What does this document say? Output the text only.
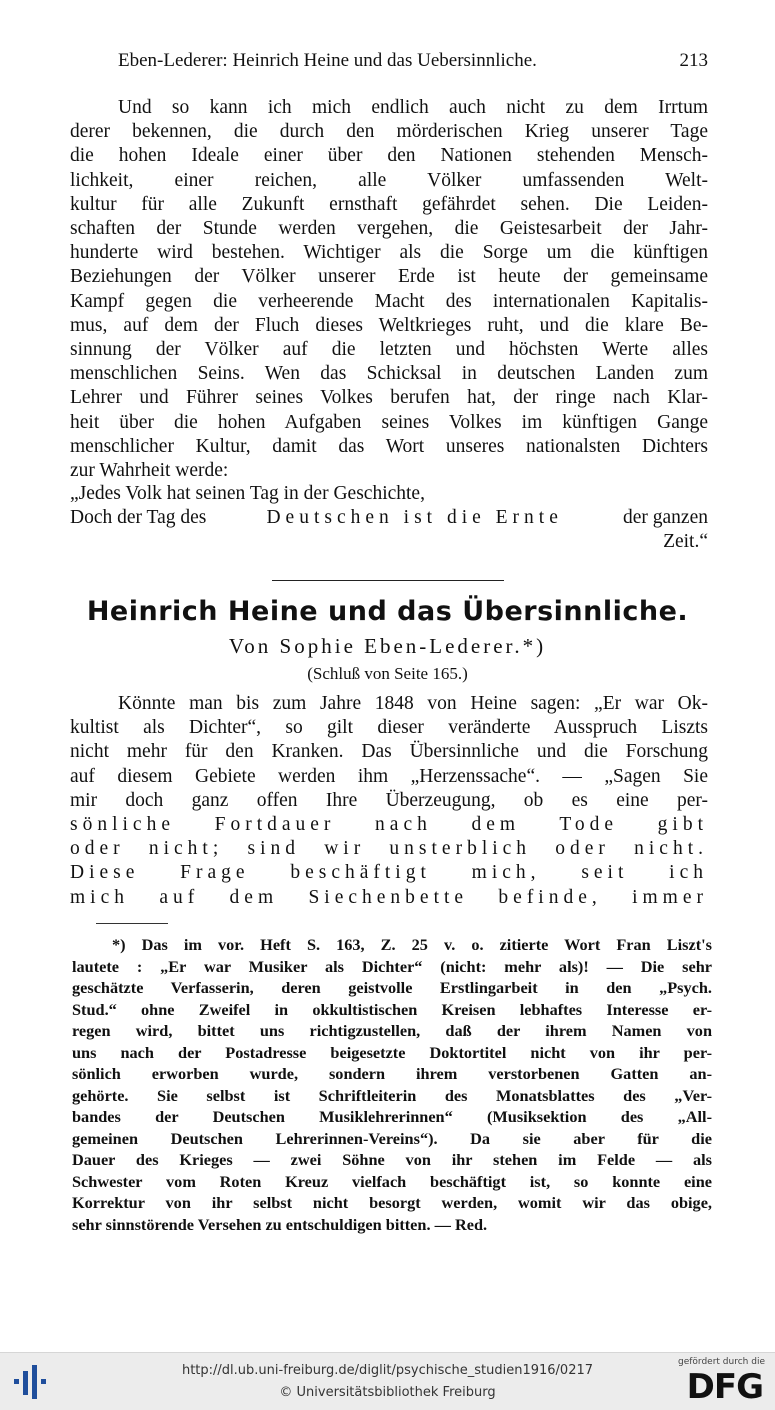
Eben-Lederer: Heinrich Heine und das Uebersinnliche.	213
Und so kann ich mich endlich auch nicht zu dem Irrtum
derer bekennen, die durch den mörderischen Krieg unserer Tage
die hohen Ideale einer über den Nationen stehenden Mensch-
lichkeit, einer reichen, alle Völker umfassenden Welt-
kultur für alle Zukunft ernsthaft gefährdet sehen. Die Leiden-
schaften der Stunde werden vergehen, die Geistesarbeit der Jahr-
hunderte wird bestehen. Wichtiger als die Sorge um die künftigen
Beziehungen der Völker unserer Erde ist heute der gemeinsame
Kampf gegen die verheerende Macht des internationalen Kapitalis-
mus, auf dem der Fluch dieses Weltkrieges ruht, und die klare Be-
sinnung der Völker auf die letzten und höchsten Werte alles
menschlichen Seins. Wen das Schicksal in deutschen Landen zum
Lehrer und Führer seines Volkes berufen hat, der ringe nach Klar-
heit über die hohen Aufgaben seines Volkes im künftigen Gange
menschlicher Kultur, damit das Wort unseres nationalsten Dichters
zur Wahrheit werde:
„Jedes Volk hat seinen Tag in der Geschichte,
Doch der Tag des	Deutschen ist die Ernte	der ganzen
Zeit.“
Heinrich Heine und das Übersinnliche.
Von Sophie Eben-Lederer.*)
(Schluß von Seite 165.)
Könnte man bis zum Jahre 1848 von Heine sagen: „Er war Ok-
kultist als Dichter“, so gilt dieser veränderte Ausspruch Liszts
nicht mehr für den Kranken. Das Übersinnliche und die Forschung
auf diesem Gebiete werden ihm „Herzenssache“. — „Sagen Sie
mir doch ganz offen Ihre Überzeugung, ob es eine per-
sönliche Fortdauer nach dem Tode gibt
oder nicht; sind wir unsterblich oder nicht.
Diese Frage beschäftigt mich, seit ich
mich auf dem Siechenbette befinde, immer
*) Das im vor. Heft S. 163, Z. 25 v. o. zitierte Wort Fran Liszt's
lautete : „Er war Musiker als Dichter“ (nicht: mehr als)! — Die sehr
geschätzte Verfasserin, deren geistvolle Erstlingarbeit in den „Psych.
Stud.“ ohne Zweifel in okkultistischen Kreisen lebhaftes Interesse er-
regen wird, bittet uns richtigzustellen, daß der ihrem Namen von
uns nach der Postadresse beigesetzte Doktortitel nicht von ihr per-
sönlich erworben wurde, sondern ihrem verstorbenen Gatten an-
gehörte. Sie selbst ist Schriftleiterin des Monatsblattes des „Ver-
bandes der Deutschen Musiklehrerinnen“ (Musiksektion des „All-
gemeinen Deutschen Lehrerinnen-Vereins“). Da sie aber für die
Dauer des Krieges — zwei Söhne von ihr stehen im Felde — als
Schwester vom Roten Kreuz vielfach beschäftigt ist, so konnte eine
Korrektur von ihr selbst nicht besorgt werden, womit wir das obige,
sehr sinnstörende Versehen zu entschuldigen bitten. — Red.
http://dl.ub.uni-freiburg.de/diglit/psychische_studien1916/0217
© Universitätsbibliothek Freiburg
gefördert durch die
DFG
